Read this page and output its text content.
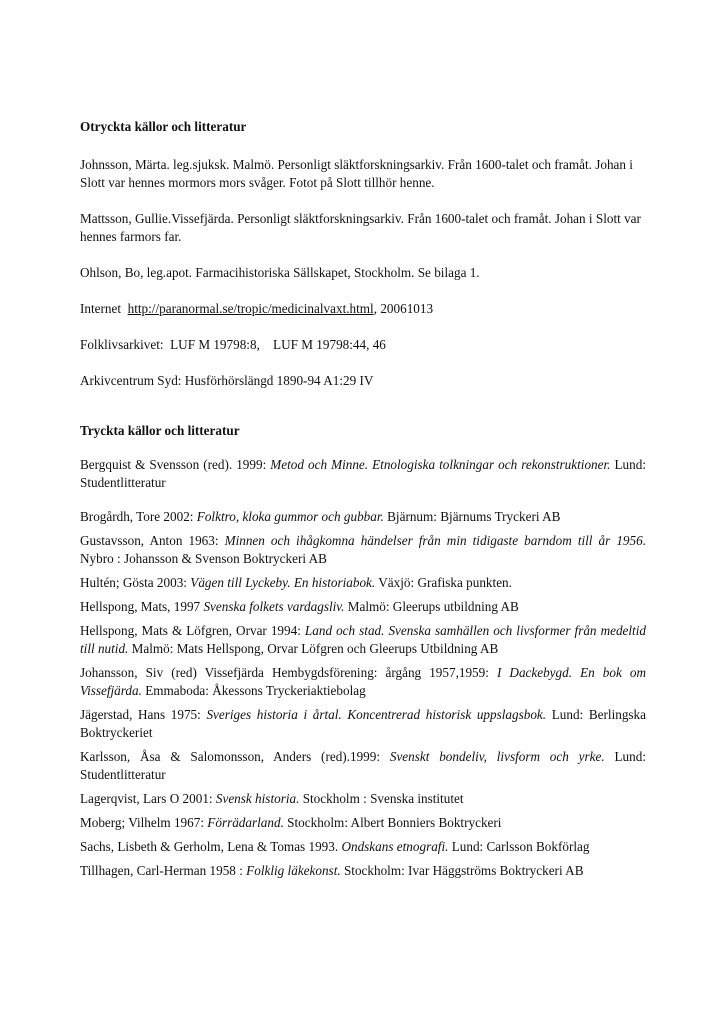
Otryckta källor och litteratur

Johnsson, Märta. leg.sjuksk. Malmö. Personligt släktforskningsarkiv. Från 1600-talet och framåt. Johan i Slott var hennes mormors mors svåger. Fotot på Slott tillhör henne.

Mattsson, Gullie.Vissefjärda. Personligt släktforskningsarkiv. Från 1600-talet och framåt. Johan i Slott var hennes farmors far.

Ohlson, Bo, leg.apot. Farmacihistoriska Sällskapet, Stockholm. Se bilaga 1.

Internet http://paranormal.se/tropic/medicinalvaxt.html, 20061013

Folklivsarkivet:  LUF M 19798:8,    LUF M 19798:44, 46

Arkivcentrum Syd: Husförhörslängd 1890-94 A1:29 IV

Tryckta källor och litteratur

Bergquist & Svensson (red). 1999: Metod och Minne. Etnologiska tolkningar och rekonstruktioner. Lund: Studentlitteratur

Brogårdh, Tore 2002: Folktro, kloka gummor och gubbar. Bjärnum: Bjärnums Tryckeri AB

Gustavsson, Anton 1963: Minnen och ihågkomna händelser från min tidigaste barndom till år 1956. Nybro : Johansson & Svenson Boktryckeri AB

Hultén; Gösta 2003: Vägen till Lyckeby. En historiabok. Växjö: Grafiska punkten.

Hellspong, Mats, 1997 Svenska folkets vardagsliv. Malmö: Gleerups utbildning AB

Hellspong, Mats & Löfgren, Orvar 1994: Land och stad. Svenska samhällen och livsformer från medeltid till nutid. Malmö: Mats Hellspong, Orvar Löfgren och Gleerups Utbildning AB

Johansson, Siv (red) Vissefjärda Hembygdsförening: årgång 1957,1959: I Dackebygd. En bok om Vissefjärda. Emmaboda: Åkessons Tryckeriaktiebolag

Jägerstad, Hans 1975: Sveriges historia i årtal. Koncentrerad historisk uppslagsbok. Lund: Berlingska Boktryckeriet

Karlsson, Åsa & Salomonsson, Anders (red).1999: Svenskt bondeliv, livsform och yrke. Lund: Studentlitteratur

Lagerqvist, Lars O 2001: Svensk historia. Stockholm : Svenska institutet

Moberg; Vilhelm 1967: Förrädarland. Stockholm: Albert Bonniers Boktryckeri

Sachs, Lisbeth & Gerholm, Lena & Tomas 1993. Ondskans etnografi. Lund: Carlsson Bokförlag

Tillhagen, Carl-Herman 1958 : Folklig läkekonst. Stockholm: Ivar Häggströms Boktryckeri AB
